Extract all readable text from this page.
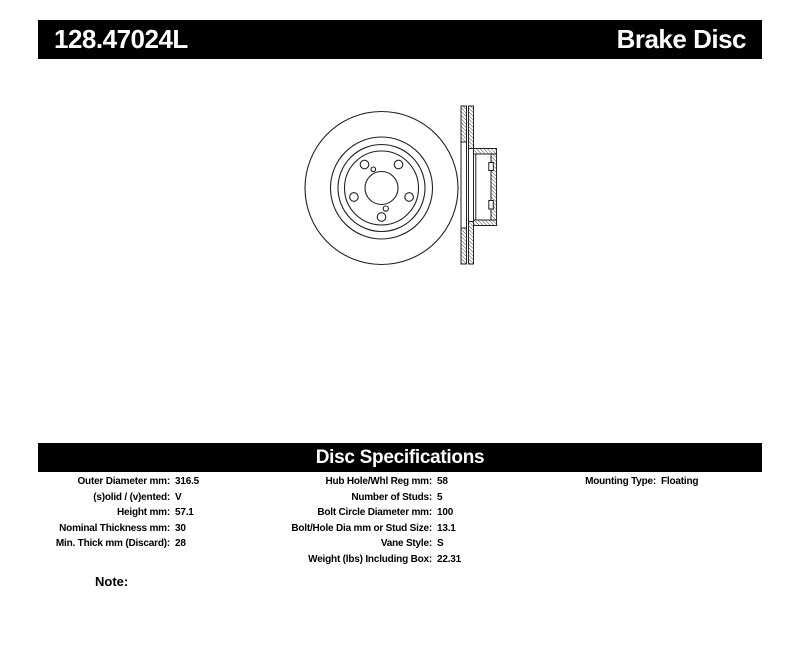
128.47024L	Brake Disc
Disc Specifications
Outer Diameter mm: 316.5
(s)olid / (v)ented: V
Height mm: 57.1
Nominal Thickness mm: 30
Min. Thick mm (Discard): 28
Hub Hole/Whl Reg mm: 58
Number of Studs: 5
Bolt Circle Diameter mm: 100
Bolt/Hole Dia mm or Stud Size: 13.1
Vane Style: S
Weight (lbs) Including Box: 22.31
Mounting Type: Floating
Note:
